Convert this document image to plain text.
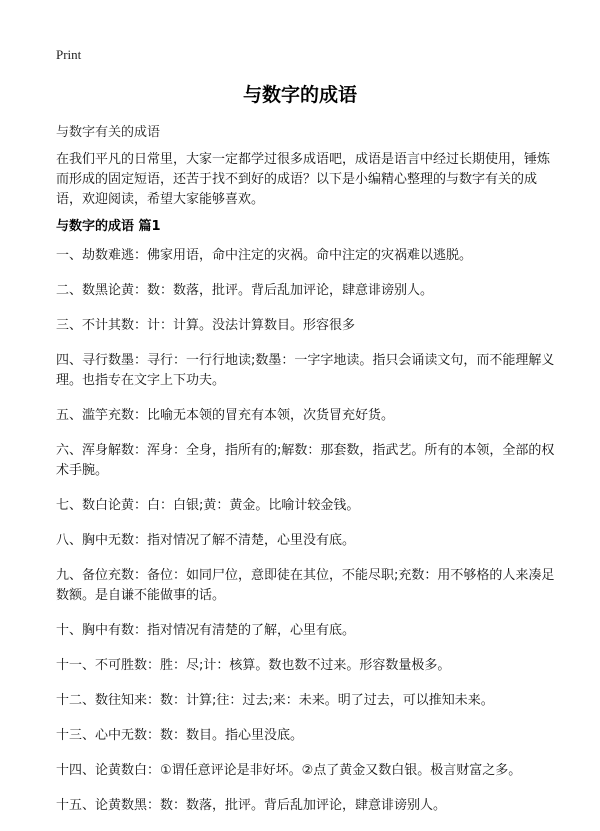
Print
与数字的成语

与数字有关的成语

在我们平凡的日常里，大家一定都学过很多成语吧，成语是语言中经过长期使用，锤炼而形成的固定短语，还苦于找不到好的成语？以下是小编精心整理的与数字有关的成语，欢迎阅读，希望大家能够喜欢。

与数字的成语 篇1
一、劫数难逃：佛家用语，命中注定的灾祸。命中注定的灾祸难以逃脱。
二、数黑论黄：数：数落，批评。背后乱加评论，肆意诽谤别人。
三、不计其数：计：计算。没法计算数目。形容很多
四、寻行数墨：寻行：一行行地读;数墨：一字字地读。指只会诵读文句，而不能理解义理。也指专在文字上下功夫。
五、滥竽充数：比喻无本领的冒充有本领，次货冒充好货。
六、浑身解数：浑身：全身，指所有的;解数：那套数，指武艺。所有的本领，全部的权术手腕。
七、数白论黄：白：白银;黄：黄金。比喻计较金钱。
八、胸中无数：指对情况了解不清楚，心里没有底。
九、备位充数：备位：如同尸位，意即徒在其位，不能尽职;充数：用不够格的人来凑足数额。是自谦不能做事的话。
十、胸中有数：指对情况有清楚的了解，心里有底。
十一、不可胜数：胜：尽;计：核算。数也数不过来。形容数量极多。
十二、数往知来：数：计算;往：过去;来：未来。明了过去，可以推知未来。
十三、心中无数：数：数目。指心里没底。
十四、论黄数白：①谓任意评论是非好坏。②点了黄金又数白银。极言财富之多。
十五、论黄数黑：数：数落，批评。背后乱加评论，肆意诽谤别人。
